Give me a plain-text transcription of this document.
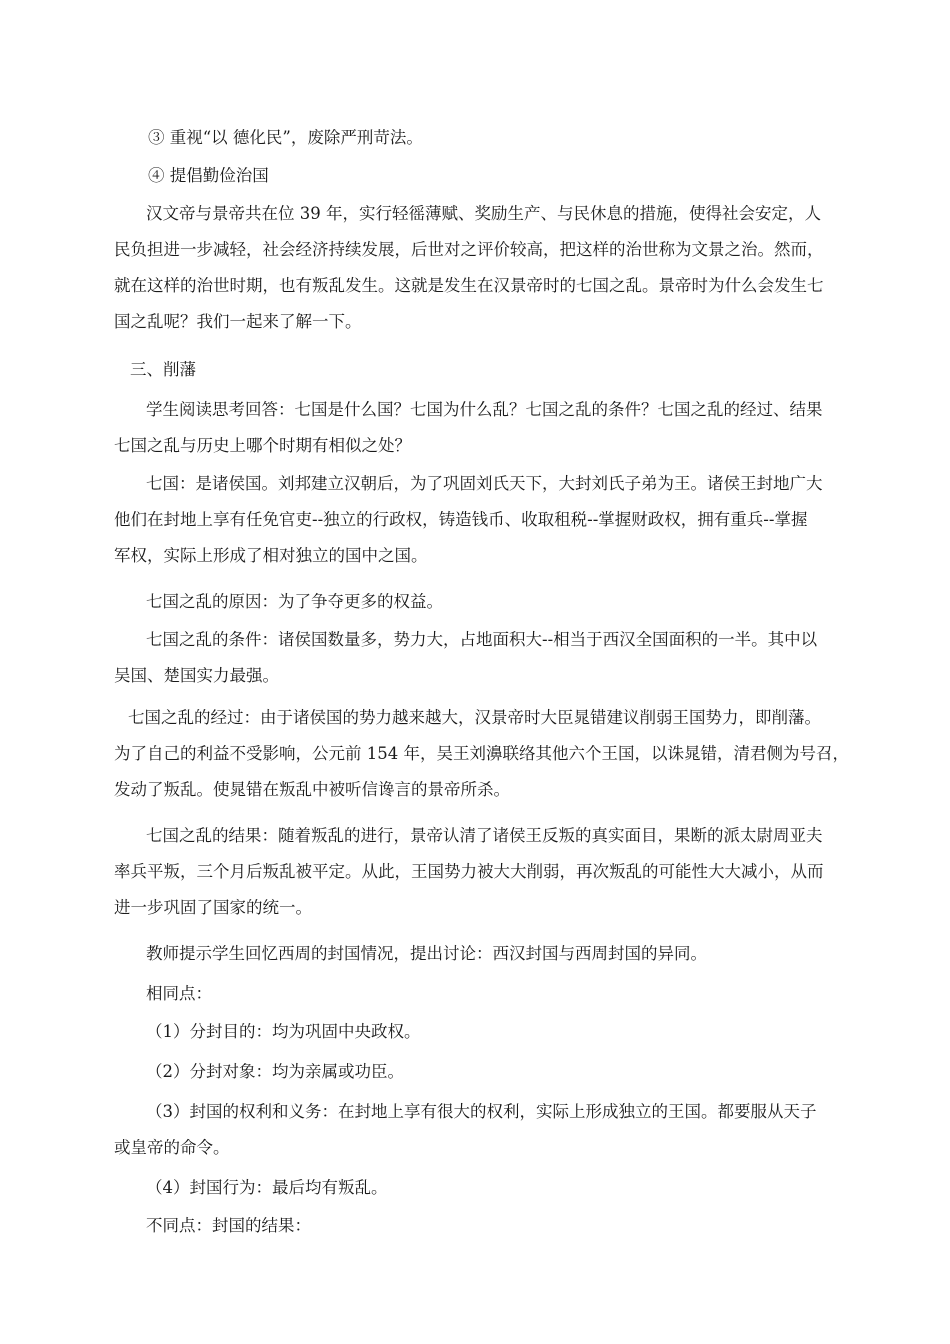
③ 重视“以 德化民”，废除严刑苛法。
④ 提倡勤俭治国
汉文帝与景帝共在位 39 年，实行轻徭薄赋、奖励生产、与民休息的措施，使得社会安定，人
民负担进一步减轻，社会经济持续发展，后世对之评价较高，把这样的治世称为文景之治。然而，
就在这样的治世时期，也有叛乱发生。这就是发生在汉景帝时的七国之乱。景帝时为什么会发生七
国之乱呢？我们一起来了解一下。
三、削藩
学生阅读思考回答：七国是什么国？七国为什么乱？七国之乱的条件？七国之乱的经过、结果
七国之乱与历史上哪个时期有相似之处？
七国：是诸侯国。刘邦建立汉朝后，为了巩固刘氏天下，大封刘氏子弟为王。诸侯王封地广大
他们在封地上享有任免官吏--独立的行政权，铸造钱币、收取租税--掌握财政权，拥有重兵--掌握
军权，实际上形成了相对独立的国中之国。
七国之乱的原因：为了争夺更多的权益。
七国之乱的条件：诸侯国数量多，势力大，占地面积大--相当于西汉全国面积的一半。其中以
吴国、楚国实力最强。
七国之乱的经过：由于诸侯国的势力越来越大，汉景帝时大臣晁错建议削弱王国势力，即削藩。
为了自己的利益不受影响，公元前 154 年，吴王刘濞联络其他六个王国，以诛晁错，清君侧为号召，
发动了叛乱。使晁错在叛乱中被听信谗言的景帝所杀。
七国之乱的结果：随着叛乱的进行，景帝认清了诸侯王反叛的真实面目，果断的派太尉周亚夫
率兵平叛，三个月后叛乱被平定。从此，王国势力被大大削弱，再次叛乱的可能性大大减小，从而
进一步巩固了国家的统一。
教师提示学生回忆西周的封国情况，提出讨论：西汉封国与西周封国的异同。
相同点：
（1）分封目的：均为巩固中央政权。
（2）分封对象：均为亲属或功臣。
（3）封国的权利和义务：在封地上享有很大的权利，实际上形成独立的王国。都要服从天子
或皇帝的命令。
（4）封国行为：最后均有叛乱。
不同点：封国的结果：
